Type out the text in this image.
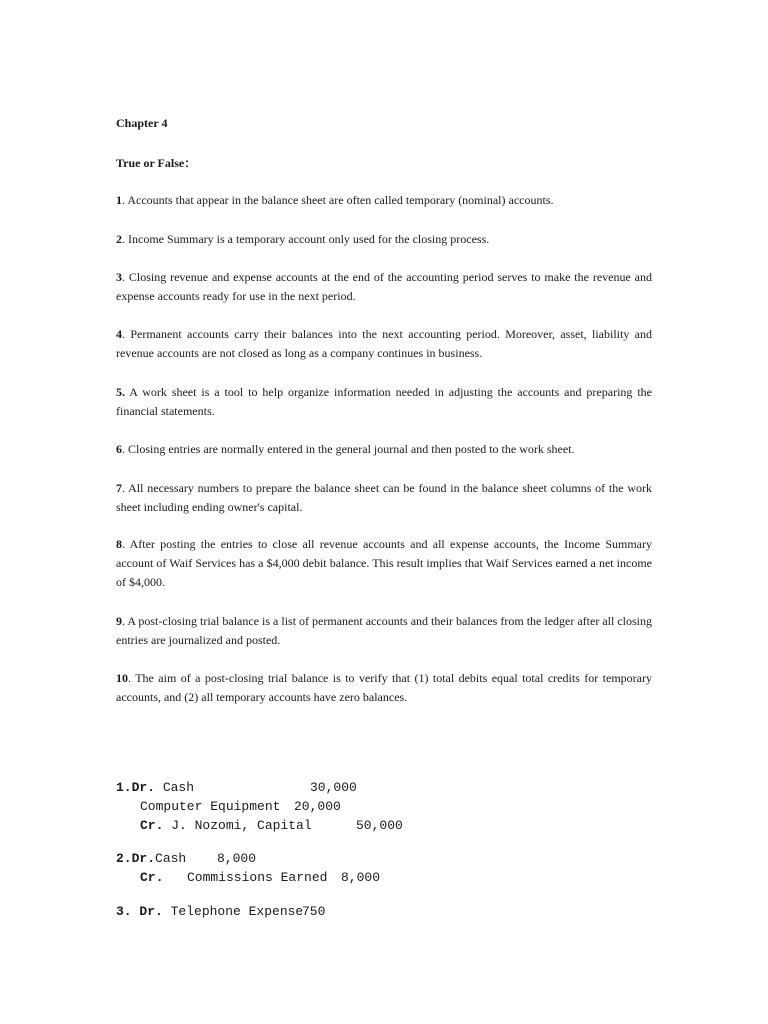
Chapter 4
True or False：
1. Accounts that appear in the balance sheet are often called temporary (nominal) accounts.
2. Income Summary is a temporary account only used for the closing process.
3. Closing revenue and expense accounts at the end of the accounting period serves to make the revenue and expense accounts ready for use in the next period.
4. Permanent accounts carry their balances into the next accounting period. Moreover, asset, liability and revenue accounts are not closed as long as a company continues in business.
5. A work sheet is a tool to help organize information needed in adjusting the accounts and preparing the financial statements.
6. Closing entries are normally entered in the general journal and then posted to the work sheet.
7. All necessary numbers to prepare the balance sheet can be found in the balance sheet columns of the work sheet including ending owner's capital.
8. After posting the entries to close all revenue accounts and all expense accounts, the Income Summary account of Waif Services has a $4,000 debit balance. This result implies that Waif Services earned a net income of $4,000.
9. A post-closing trial balance is a list of permanent accounts and their balances from the ledger after all closing entries are journalized and posted.
10. The aim of a post-closing trial balance is to verify that (1) total debits equal total credits for temporary accounts, and (2) all temporary accounts have zero balances.
1.Dr. Cash	30,000
Computer Equipment 20,000
Cr. J. Nozomi, Capital	50,000
2.Dr.Cash 8,000
Cr. Commissions Earned 8,000
3. Dr. Telephone Expense
750
